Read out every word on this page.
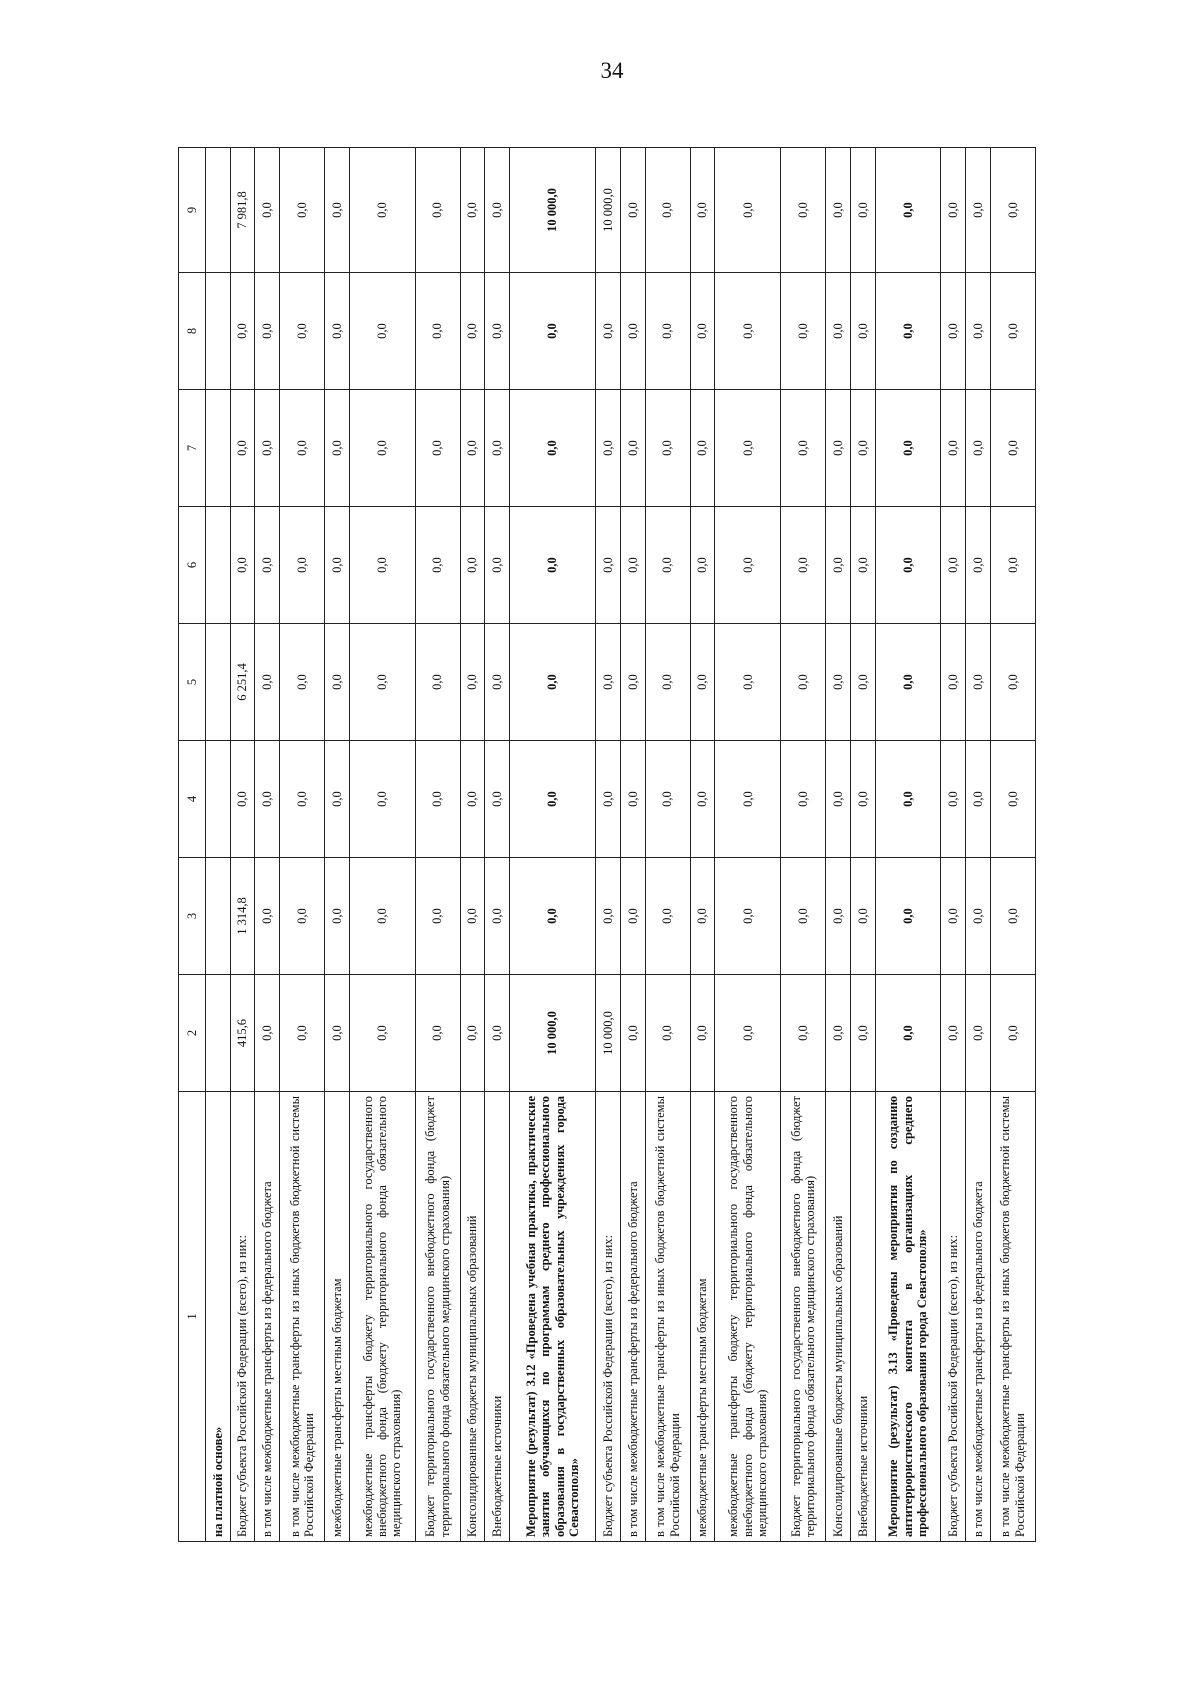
34
1	2	3	4	5	6	7	8	9
на платной основе»								
Бюджет субъекта Российской Федерации (всего), из них:	415,6	1 314,8	0,0	6 251,4	0,0	0,0	0,0	7 981,8
в том числе межбюджетные трансферты из федерального бюджета	0,0	0,0	0,0	0,0	0,0	0,0	0,0	0,0
в том числе межбюджетные трансферты из иных бюджетов бюджетной системы Российской Федерации	0,0	0,0	0,0	0,0	0,0	0,0	0,0	0,0
межбюджетные трансферты местным бюджетам	0,0	0,0	0,0	0,0	0,0	0,0	0,0	0,0
межбюджетные трансферты бюджету территориального государственного внебюджетного фонда (бюджету территориального фонда обязательного медицинского страхования)	0,0	0,0	0,0	0,0	0,0	0,0	0,0	0,0
Бюджет территориального государственного внебюджетного фонда (бюджет территориального фонда обязательного медицинского страхования)	0,0	0,0	0,0	0,0	0,0	0,0	0,0	0,0
Консолидированные бюджеты муниципальных образований	0,0	0,0	0,0	0,0	0,0	0,0	0,0	0,0
Внебюджетные источники	0,0	0,0	0,0	0,0	0,0	0,0	0,0	0,0
Мероприятие (результат) 3.12 «Проведена учебная практика, практические занятия обучающихся по программам среднего профессионального образования в государственных образовательных учреждениях города Севастополя»	10 000,0	0,0	0,0	0,0	0,0	0,0	0,0	10 000,0
Бюджет субъекта Российской Федерации (всего), из них:	10 000,0	0,0	0,0	0,0	0,0	0,0	0,0	10 000,0
в том числе межбюджетные трансферты из федерального бюджета	0,0	0,0	0,0	0,0	0,0	0,0	0,0	0,0
в том числе межбюджетные трансферты из иных бюджетов бюджетной системы Российской Федерации	0,0	0,0	0,0	0,0	0,0	0,0	0,0	0,0
межбюджетные трансферты местным бюджетам	0,0	0,0	0,0	0,0	0,0	0,0	0,0	0,0
межбюджетные трансферты бюджету территориального государственного внебюджетного фонда (бюджету территориального фонда обязательного медицинского страхования)	0,0	0,0	0,0	0,0	0,0	0,0	0,0	0,0
Бюджет территориального государственного внебюджетного фонда (бюджет территориального фонда обязательного медицинского страхования)	0,0	0,0	0,0	0,0	0,0	0,0	0,0	0,0
Консолидированные бюджеты муниципальных образований	0,0	0,0	0,0	0,0	0,0	0,0	0,0	0,0
Внебюджетные источники	0,0	0,0	0,0	0,0	0,0	0,0	0,0	0,0
Мероприятие (результат) 3.13 «Проведены мероприятия по созданию антитеррористического контента в организациях среднего профессионального образования города Севастополя»	0,0	0,0	0,0	0,0	0,0	0,0	0,0	0,0
Бюджет субъекта Российской Федерации (всего), из них:	0,0	0,0	0,0	0,0	0,0	0,0	0,0	0,0
в том числе межбюджетные трансферты из федерального бюджета	0,0	0,0	0,0	0,0	0,0	0,0	0,0	0,0
в том числе межбюджетные трансферты из иных бюджетов бюджетной системы Российской Федерации	0,0	0,0	0,0	0,0	0,0	0,0	0,0	0,0
